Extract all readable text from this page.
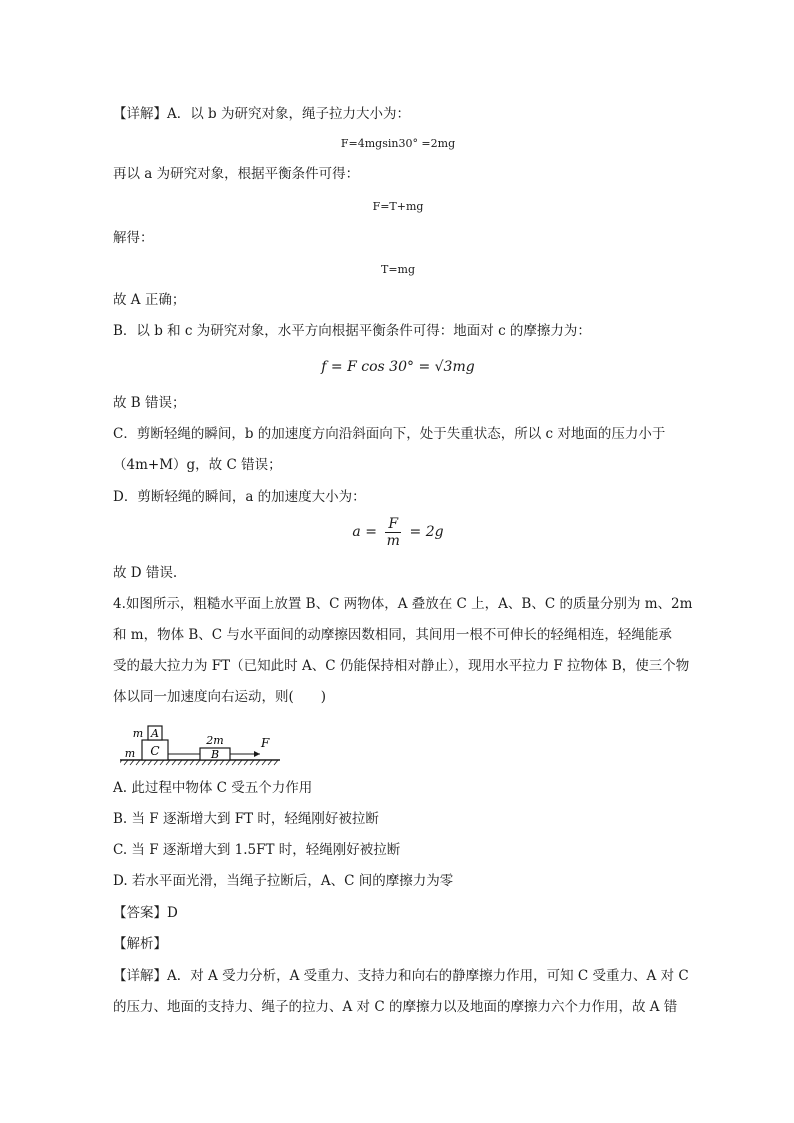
【详解】A．以 b 为研究对象，绳子拉力大小为：
F=4mgsin30° =2mg
再以 a 为研究对象，根据平衡条件可得：
F=T+mg
解得：
T=mg
故 A 正确；
B．以 b 和 c 为研究对象，水平方向根据平衡条件可得：地面对 c 的摩擦力为：
f = F cos 30° = √3mg
故 B 错误；
C．剪断轻绳的瞬间，b 的加速度方向沿斜面向下，处于失重状态，所以 c 对地面的压力小于
（4m+M）g，故 C 错误；
D．剪断轻绳的瞬间，a 的加速度大小为：
$a = \frac{F}{m} = 2g$
故 D 错误.
4.如图所示，粗糙水平面上放置 B、C 两物体，A 叠放在 C 上，A、B、C 的质量分别为 m、2m
和 m，物体 B、C 与水平面间的动摩擦因数相同，其间用一根不可伸长的轻绳相连，轻绳能承
受的最大拉力为 FT（已知此时 A、C 仍能保持相对静止），现用水平拉力 F 拉物体 B，使三个物
体以同一加速度向右运动，则(　　)
C
m
A
m
B
2m	F
A. 此过程中物体 C 受五个力作用
B. 当 F 逐渐增大到 FT 时，轻绳刚好被拉断
C. 当 F 逐渐增大到 1.5FT 时，轻绳刚好被拉断
D. 若水平面光滑，当绳子拉断后，A、C 间的摩擦力为零
【答案】D
【解析】
【详解】A．对 A 受力分析，A 受重力、支持力和向右的静摩擦力作用，可知 C 受重力、A 对 C
的压力、地面的支持力、绳子的拉力、A 对 C 的摩擦力以及地面的摩擦力六个力作用，故 A 错
